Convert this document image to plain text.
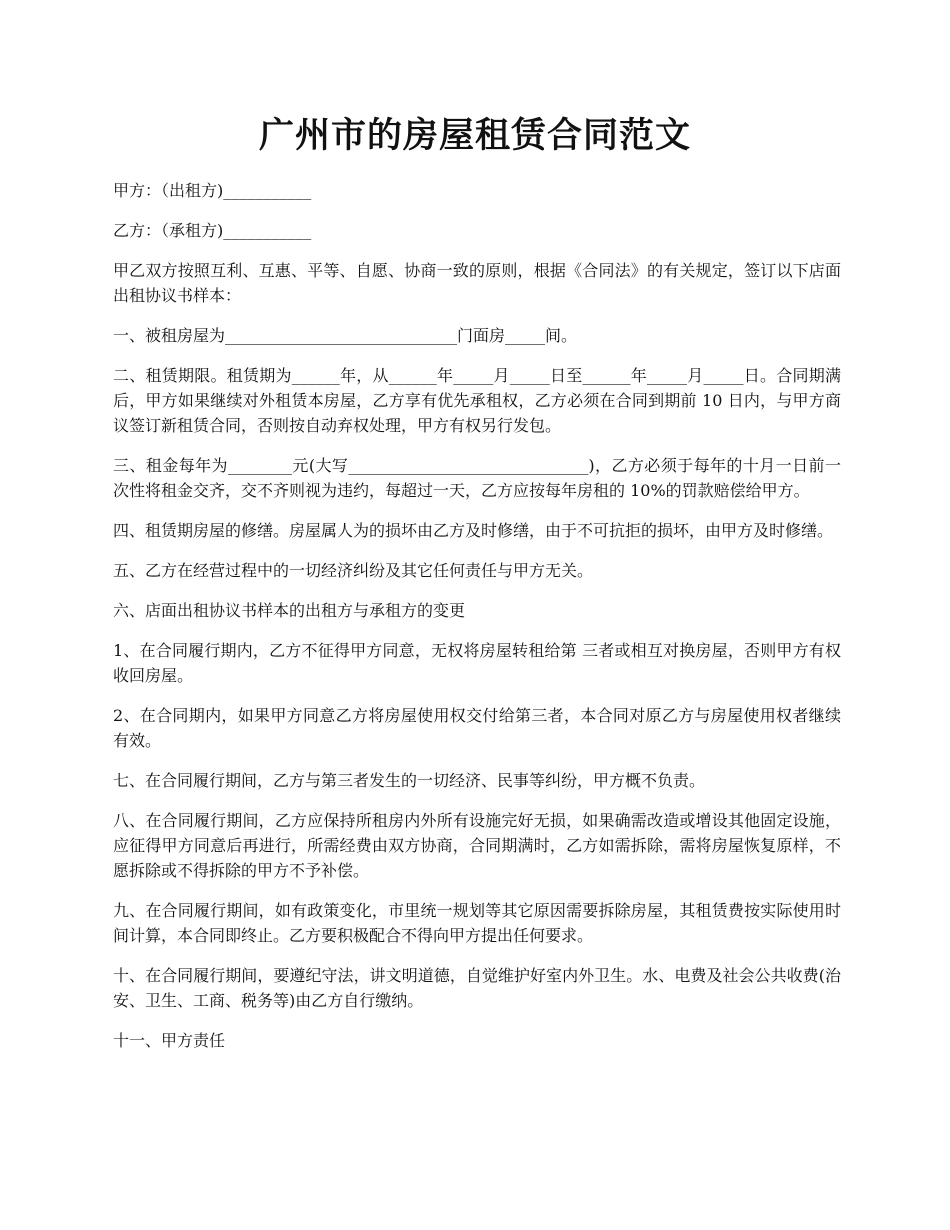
广州市的房屋租赁合同范文

甲方：（出租方)___________

乙方：（承租方)___________

甲乙双方按照互利、互惠、平等、自愿、协商一致的原则，根据《合同法》的有关规定，签订以下店面出租协议书样本：

一、被租房屋为_____________________________门面房_____间。

二、租赁期限。租赁期为______年，从______年_____月_____日至______年_____月_____日。合同期满后，甲方如果继续对外租赁本房屋，乙方享有优先承租权，乙方必须在合同到期前 10 日内，与甲方商议签订新租赁合同，否则按自动弃权处理，甲方有权另行发包。

三、租金每年为________元(大写______________________________)，乙方必须于每年的十月一日前一次性将租金交齐，交不齐则视为违约，每超过一天，乙方应按每年房租的 10%的罚款赔偿给甲方。

四、租赁期房屋的修缮。房屋属人为的损坏由乙方及时修缮，由于不可抗拒的损坏，由甲方及时修缮。

五、乙方在经营过程中的一切经济纠纷及其它任何责任与甲方无关。

六、店面出租协议书样本的出租方与承租方的变更

1、在合同履行期内，乙方不征得甲方同意，无权将房屋转租给第 三者或相互对换房屋，否则甲方有权收回房屋。

2、在合同期内，如果甲方同意乙方将房屋使用权交付给第三者，本合同对原乙方与房屋使用权者继续有效。

七、在合同履行期间，乙方与第三者发生的一切经济、民事等纠纷，甲方概不负责。

八、在合同履行期间，乙方应保持所租房内外所有设施完好无损，如果确需改造或增设其他固定设施，应征得甲方同意后再进行，所需经费由双方协商，合同期满时，乙方如需拆除，需将房屋恢复原样，不愿拆除或不得拆除的甲方不予补偿。

九、在合同履行期间，如有政策变化，市里统一规划等其它原因需要拆除房屋，其租赁费按实际使用时间计算，本合同即终止。乙方要积极配合不得向甲方提出任何要求。

十、在合同履行期间，要遵纪守法，讲文明道德，自觉维护好室内外卫生。水、电费及社会公共收费(治安、卫生、工商、税务等)由乙方自行缴纳。

十一、甲方责任
